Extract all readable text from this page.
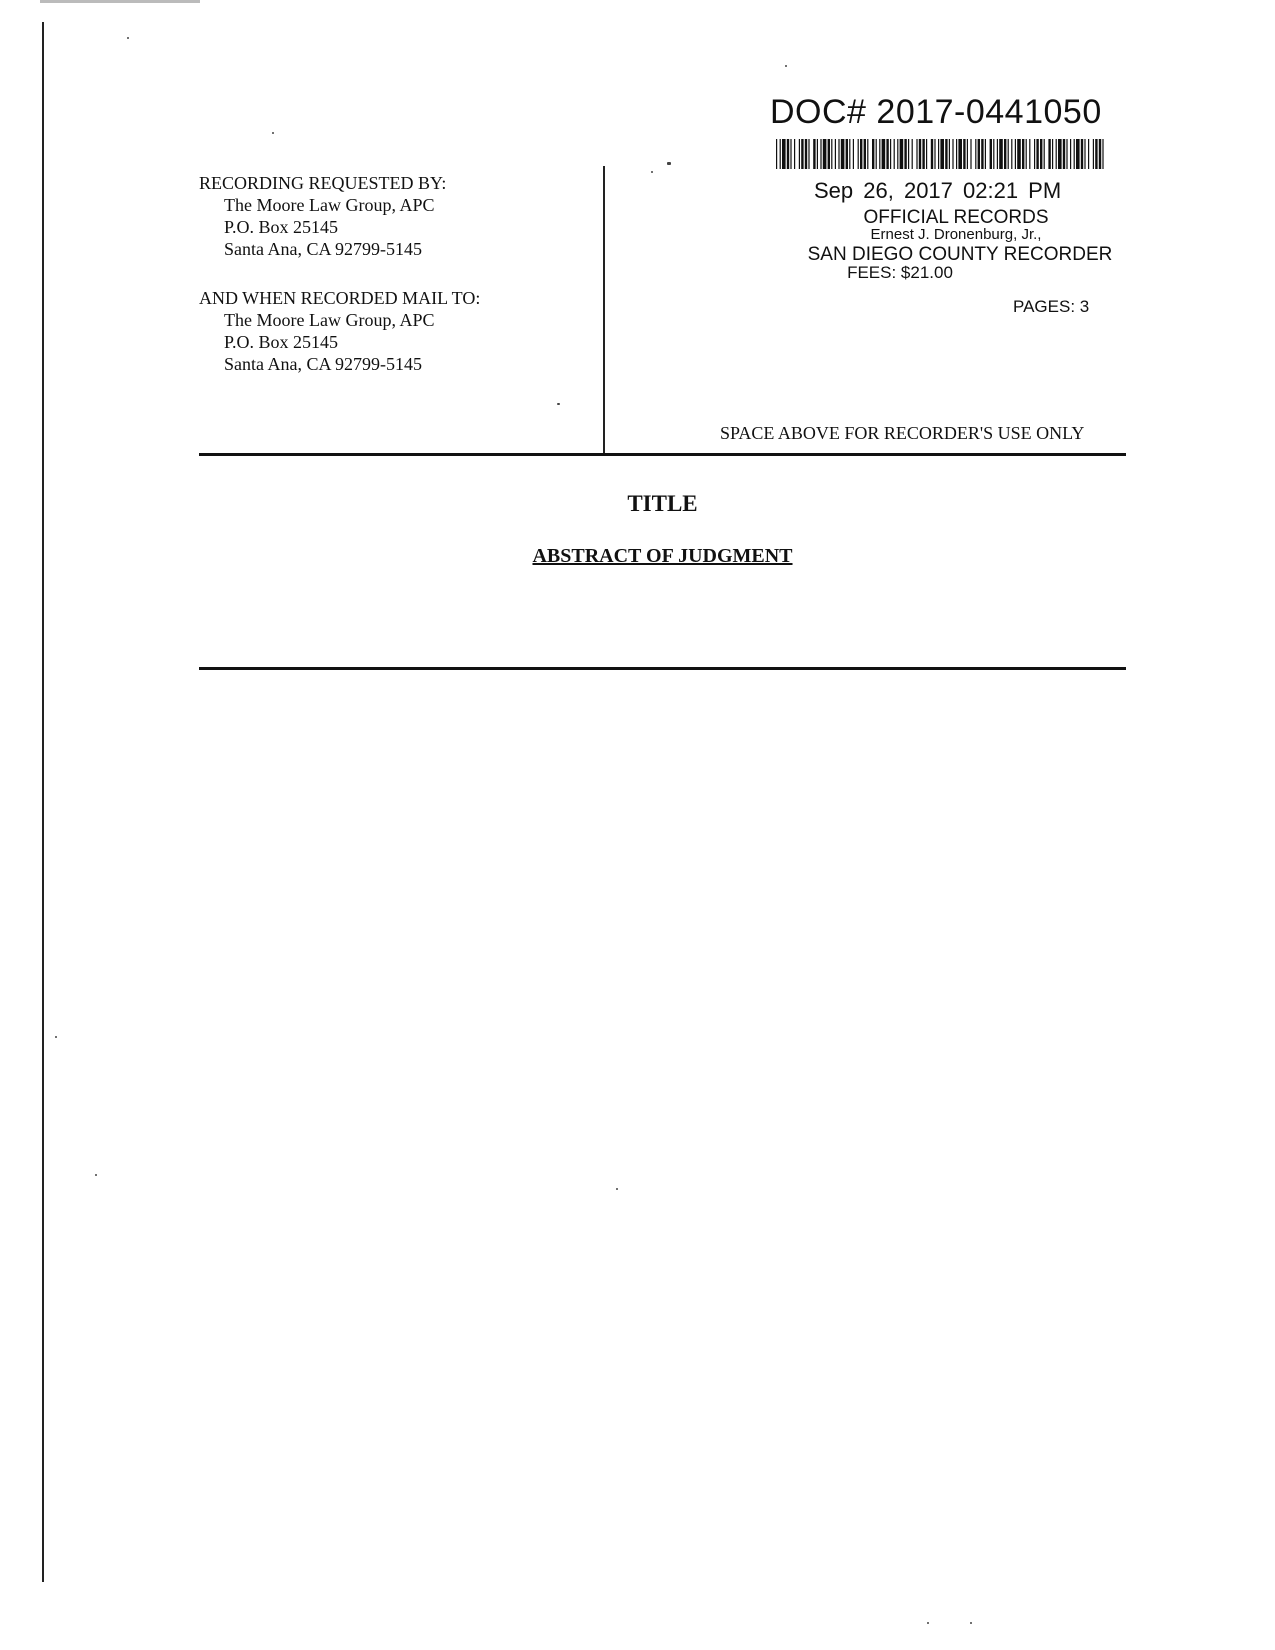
RECORDING REQUESTED BY:

The Moore Law Group, APC

P.O. Box 25145

Santa Ana, CA 92799-5145

AND WHEN RECORDED MAIL TO:

The Moore Law Group, APC

P.O. Box 25145

Santa Ana, CA 92799-5145

DOC# 2017-0441050
Sep 26, 2017 02:21 PM
OFFICIAL RECORDS
Ernest J. Dronenburg, Jr.,
SAN DIEGO COUNTY RECORDER
FEES: $21.00
PAGES: 3
SPACE ABOVE FOR RECORDER'S USE ONLY
TITLE
ABSTRACT OF JUDGMENT
